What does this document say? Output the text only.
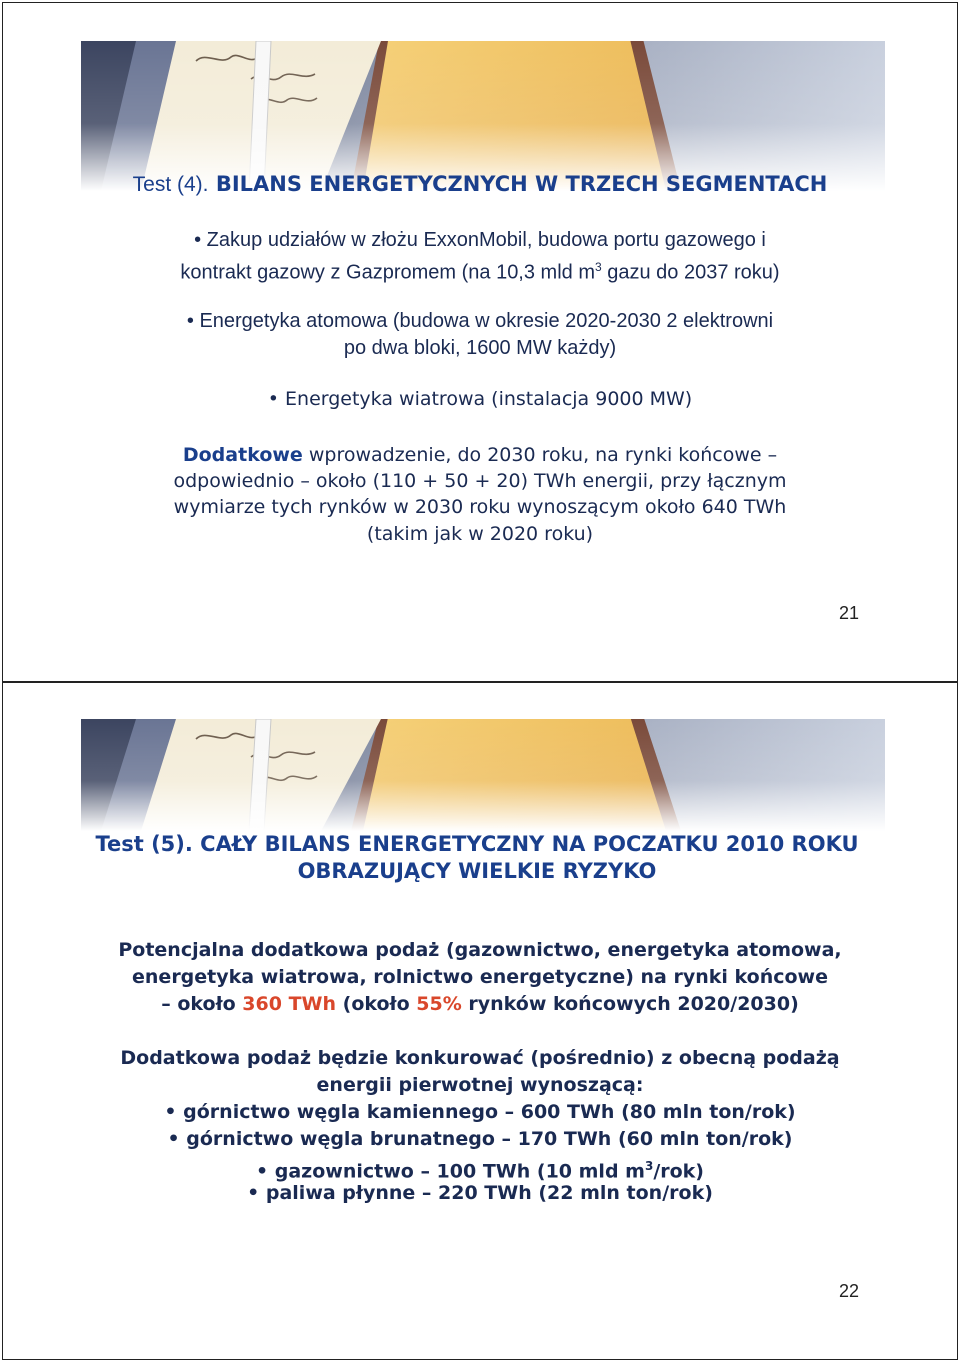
Test (4). BILANS ENERGETYCZNYCH W TRZECH SEGMENTACH
• Zakup udziałów w złożu ExxonMobil, budowa portu gazowego i
kontrakt gazowy z Gazpromem (na 10,3 mld $m^3$ gazu do 2037 roku)
• Energetyka atomowa (budowa w okresie 2020-2030 2 elektrowni
po dwa bloki, 1600 MW każdy)
• Energetyka wiatrowa (instalacja 9000 MW)
Dodatkowe wprowadzenie, do 2030 roku, na rynki końcowe –
odpowiednio – około (110 + 50 + 20) TWh energii, przy łącznym
wymiarze tych rynków w 2030 roku wynoszącym około 640 TWh
(takim jak w 2020 roku)
21
Test (5). CAŁY BILANS ENERGETYCZNY NA POCZATKU 2010 ROKU
OBRAZUJĄCY WIELKIE RYZYKO
Potencjalna dodatkowa podaż (gazownictwo, energetyka atomowa,
energetyka wiatrowa, rolnictwo energetyczne) na rynki końcowe
– około 360 TWh (około 55% rynków końcowych 2020/2030)
Dodatkowa podaż będzie konkurować (pośrednio) z obecną podażą
energii pierwotnej wynoszącą:
• górnictwo węgla kamiennego – 600 TWh (80 mln ton/rok)
• górnictwo węgla brunatnego – 170 TWh (60 mln ton/rok)
• gazownictwo – 100 TWh (10 mld $m^3/rok$)
• paliwa płynne – 220 TWh (22 mln ton/rok)
22
